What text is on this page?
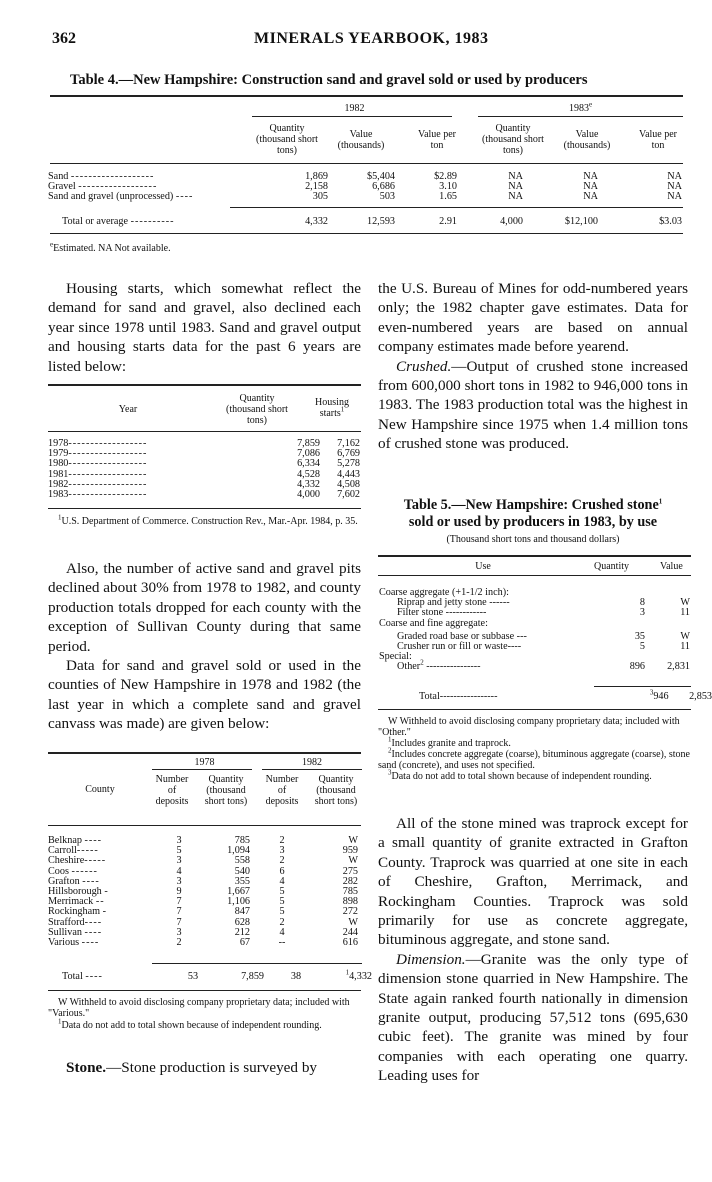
362	MINERALS YEARBOOK, 1983
Table 4.—New Hampshire: Construction sand and gravel sold or used by producers
1982	1983e
Quantity (thousand short tons)
Value (thousands)
Value per ton
Quantity (thousand short tons)
Value (thousands)
Value per ton
Sand -------------------	1,869	$5,404	$2.89	NA	NA	NA
Gravel ------------------	2,158	6,686	3.10	NA	NA	NA
Sand and gravel (unprocessed) ----	305	503	1.65	NA	NA	NA
Total or average ----------	4,332	12,593	2.91	4,000	$12,100	$3.03
$^e$Estimated. NA Not available.

Housing starts, which somewhat reflect the demand for sand and gravel, also declined each year since 1978 until 1983. Sand and gravel output and housing starts data for the past 6 years are listed below:

Year
Quantity (thousand short tons)
Housing starts$^1$
1978------------------	7,859	7,162
1979------------------	7,086	6,769
1980------------------	6,334	5,278
1981------------------	4,528	4,443
1982------------------	4,332	4,508
1983------------------	4,000	7,602
$^1$U.S. Department of Commerce. Construction Rev., Mar.-Apr. 1984, p. 35.

Also, the number of active sand and gravel pits declined about 30% from 1978 to 1982, and county production totals dropped for each county with the exception of Sullivan County during that same period.

Data for sand and gravel sold or used in the counties of New Hampshire in 1978 and 1982 (the last year in which a complete sand and gravel canvass was made) are given below:

County
1978	1982
Number of deposits
Quantity (thousand short tons)
Number of deposits
Quantity (thousand short tons)
Belknap ----	3	785	2	W
Carroll-----	5	1,094	3	959
Cheshire-----	3	558	2	W
Coos ------	4	540	6	275
Grafton ----	3	355	4	282
Hillsborough -	9	1,667	5	785
Merrimack --	7	1,106	5	898
Rockingham -	7	847	5	272
Strafford----	7	628	2	W
Sullivan ----	3	212	4	244
Various ----	2	67	--	616
Total ----	53	7,859	38	$^1$4,332
W Withheld to avoid disclosing company proprietary data; included with "Various."
$^1$Data do not add to total shown because of independent rounding.

Stone.—Stone production is surveyed by

the U.S. Bureau of Mines for odd-numbered years only; the 1982 chapter gave estimates. Data for even-numbered years are based on annual company estimates made before yearend.

Crushed.—Output of crushed stone increased from 600,000 short tons in 1982 to 946,000 tons in 1983. The 1983 production total was the highest in New Hampshire since 1975 when 1.4 million tons of crushed stone was produced.

Table 5.—New Hampshire: Crushed stone$^1$
sold or used by producers in 1983, by use
(Thousand short tons and thousand dollars)
Use	Quantity	Value
Coarse aggregate (+1-1/2 inch):		
Riprap and jetty stone ------	8	W
Filter stone ------------	3	11
Coarse and fine aggregate:		
Graded road base or subbase ---	35	W
Crusher run or fill or waste----	5	11
Special:		
Other$^2$ ----------------	896	2,831
Total-----------------	$^3$946	2,853
W Withheld to avoid disclosing company proprietary data; included with "Other."
$^1$Includes granite and traprock.
$^2$Includes concrete aggregate (coarse), bituminous aggregate (coarse), stone sand (concrete), and uses not specified.
$^3$Data do not add to total shown because of independent rounding.

All of the stone mined was traprock except for a small quantity of granite extracted in Grafton County. Traprock was quarried at one site in each of Cheshire, Grafton, Merrimack, and Rockingham Counties. Traprock was sold primarily for use as concrete aggregate, bituminous aggregate, and stone sand.

Dimension.—Granite was the only type of dimension stone quarried in New Hampshire. The State again ranked fourth nationally in dimension granite output, producing 57,512 tons (695,630 cubic feet). The granite was mined by four companies with each operating one quarry. Leading uses for
